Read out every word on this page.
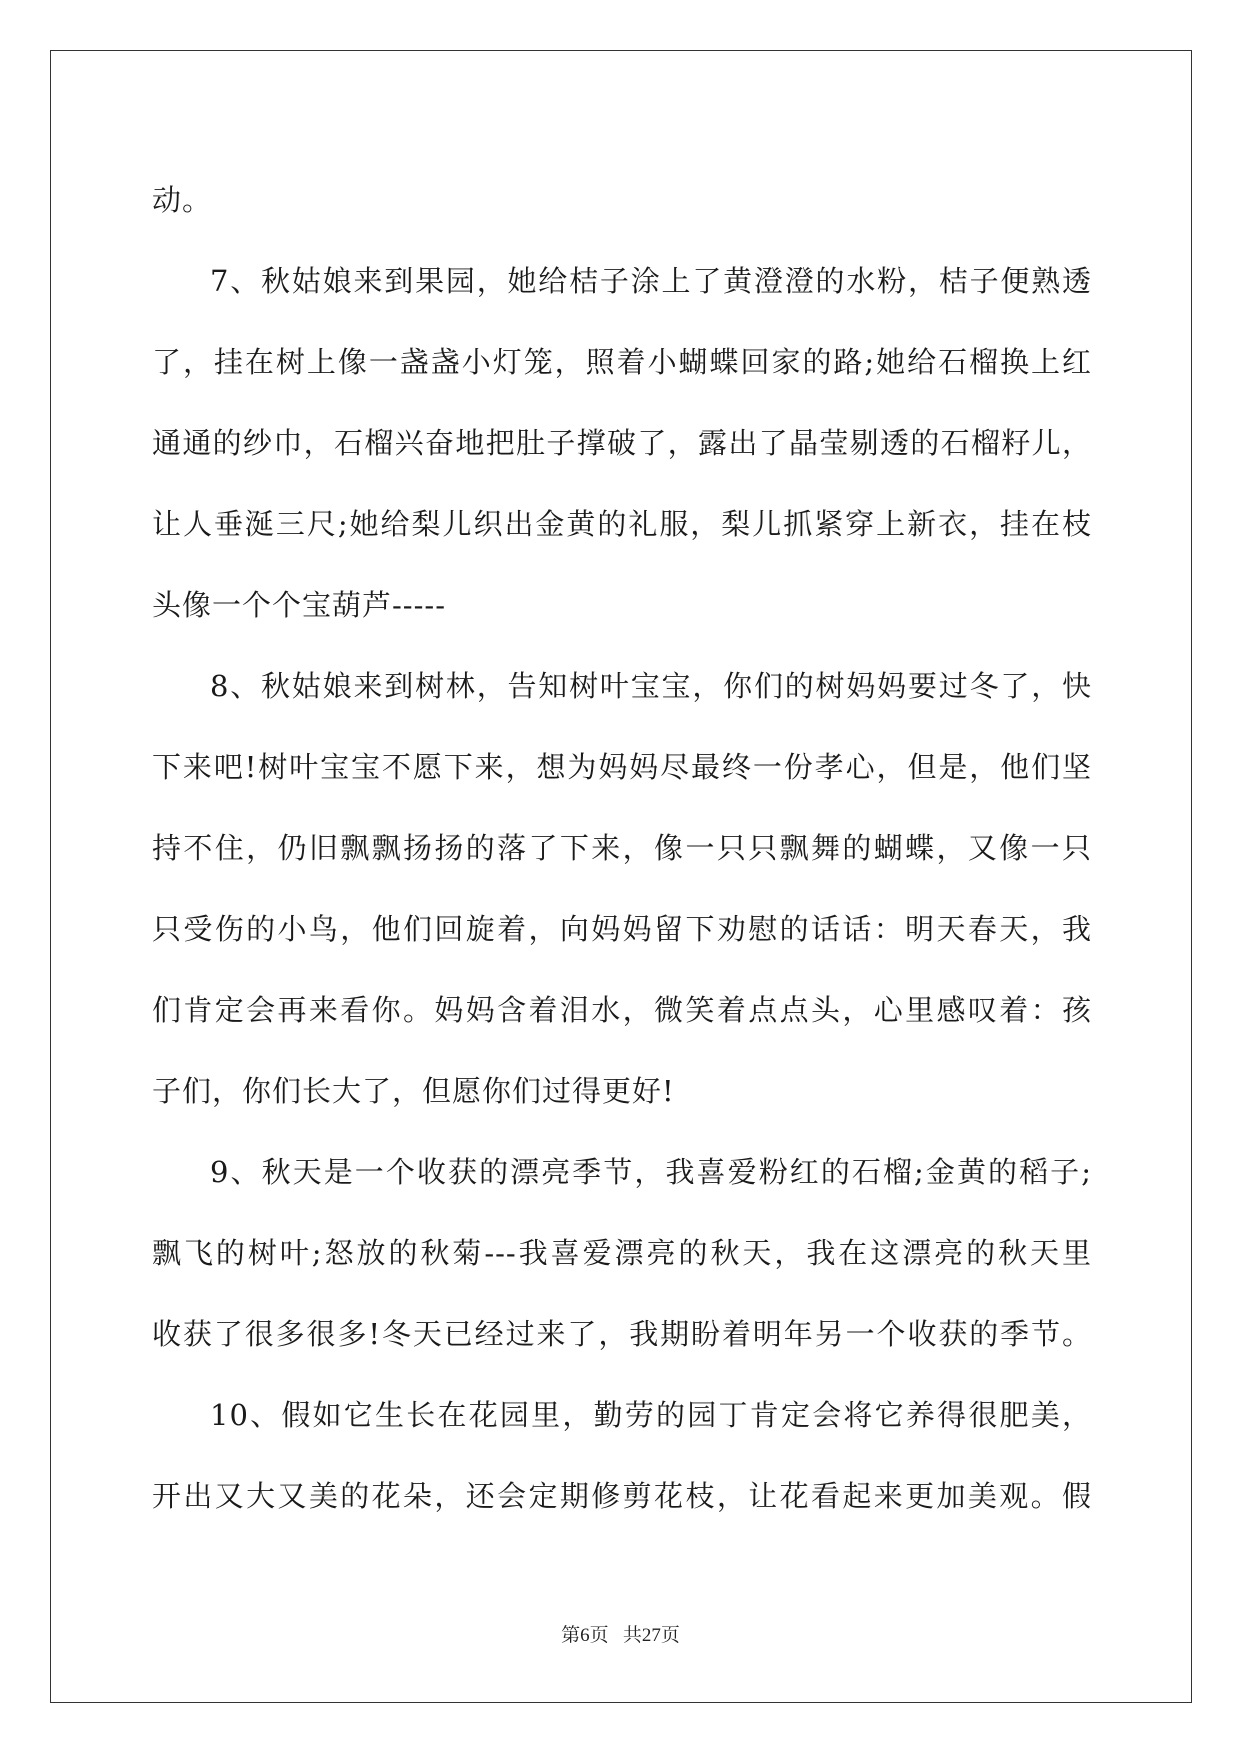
动。
7、秋姑娘来到果园，她给桔子涂上了黄澄澄的水粉，桔子便熟透
了，挂在树上像一盏盏小灯笼，照着小蝴蝶回家的路;她给石榴换上红
通通的纱巾，石榴兴奋地把肚子撑破了，露出了晶莹剔透的石榴籽儿，
让人垂涎三尺;她给梨儿织出金黄的礼服，梨儿抓紧穿上新衣，挂在枝
头像一个个宝葫芦-----
8、秋姑娘来到树林，告知树叶宝宝，你们的树妈妈要过冬了，快
下来吧!树叶宝宝不愿下来，想为妈妈尽最终一份孝心，但是，他们坚
持不住，仍旧飘飘扬扬的落了下来，像一只只飘舞的蝴蝶，又像一只
只受伤的小鸟，他们回旋着，向妈妈留下劝慰的话话：明天春天，我
们肯定会再来看你。妈妈含着泪水，微笑着点点头，心里感叹着：孩
子们，你们长大了，但愿你们过得更好!
9、秋天是一个收获的漂亮季节，我喜爱粉红的石榴;金黄的稻子;
飘飞的树叶;怒放的秋菊---我喜爱漂亮的秋天，我在这漂亮的秋天里
收获了很多很多!冬天已经过来了，我期盼着明年另一个收获的季节。
10、假如它生长在花园里，勤劳的园丁肯定会将它养得很肥美，
开出又大又美的花朵，还会定期修剪花枝，让花看起来更加美观。假
第6页 共27页
